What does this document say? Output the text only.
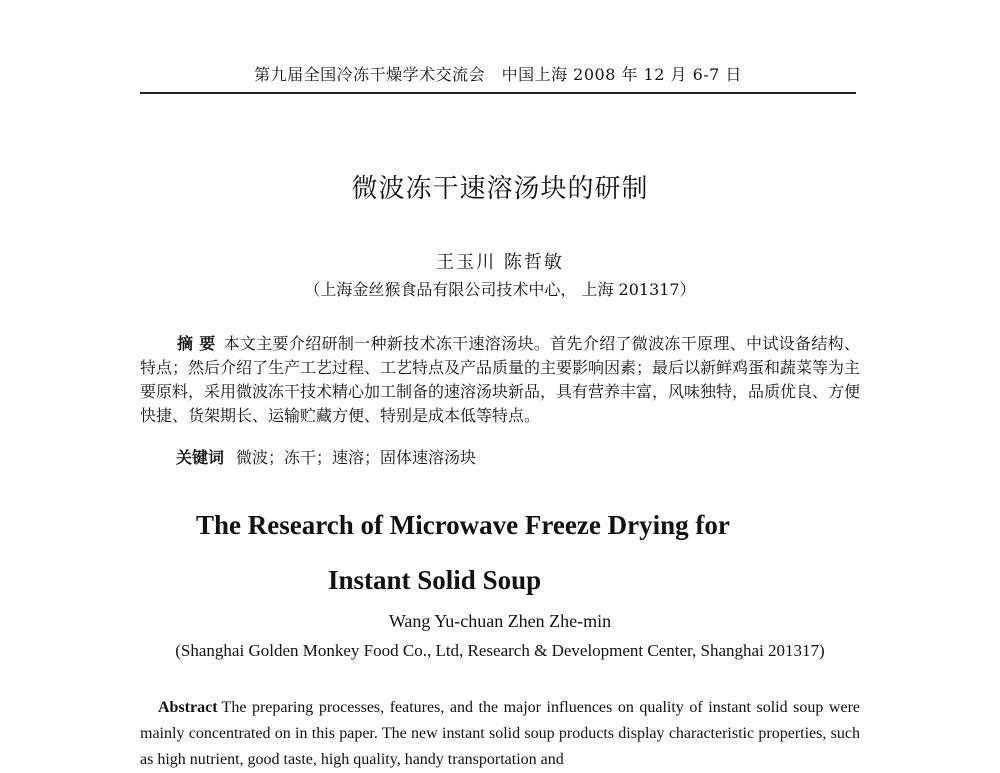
第九届全国冷冻干燥学术交流会　中国上海 2008 年 12 月 6-7 日
微波冻干速溶汤块的研制
王玉川 陈哲敏
（上海金丝猴食品有限公司技术中心， 上海 201317）
摘 要 本文主要介绍研制一种新技术冻干速溶汤块。首先介绍了微波冻干原理、中试设备结构、特点；然后介绍了生产工艺过程、工艺特点及产品质量的主要影响因素；最后以新鲜鸡蛋和蔬菜等为主要原料，采用微波冻干技术精心加工制备的速溶汤块新品，具有营养丰富，风味独特，品质优良、方便快捷、货架期长、运输贮藏方便、特别是成本低等特点。
关键词 微波；冻干；速溶；固体速溶汤块
The Research of Microwave Freeze Drying for
Instant Solid Soup
Wang Yu-chuan Zhen Zhe-min
(Shanghai Golden Monkey Food Co., Ltd, Research & Development Center, Shanghai 201317)
Abstract The preparing processes, features, and the major influences on quality of instant solid soup were mainly concentrated on in this paper. The new instant solid soup products display characteristic properties, such as high nutrient, good taste, high quality, handy transportation and
